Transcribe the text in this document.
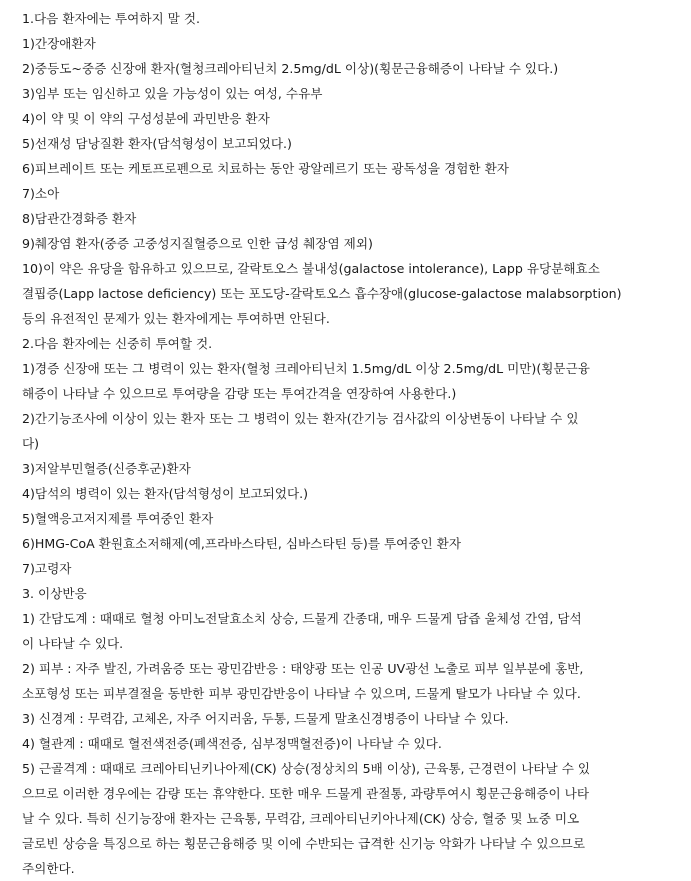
1.다음 환자에는 투여하지 말 것.
1)간장애환자
2)중등도~중증 신장애 환자(혈청크레아티닌치 2.5mg/dL 이상)(횡문근융해증이 나타날 수 있다.)
3)임부 또는 임신하고 있을 가능성이 있는 여성, 수유부
4)이 약 및 이 약의 구성성분에 과민반응 환자
5)선재성 담낭질환 환자(담석형성이 보고되었다.)
6)피브레이트 또는 케토프로펜으로 치료하는 동안 광알레르기 또는 광독성을 경험한 환자
7)소아
8)담관간경화증 환자
9)췌장염 환자(중증 고중성지질혈증으로 인한 급성 췌장염 제외)
10)이 약은 유당을 함유하고 있으므로, 갈락토오스 불내성(galactose intolerance), Lapp 유당분해효소
결핍증(Lapp lactose deficiency) 또는 포도당-갈락토오스 흡수장애(glucose-galactose malabsorption)
등의 유전적인 문제가 있는 환자에게는 투여하면 안된다.
2.다음 환자에는 신중히 투여할 것.
1)경증 신장애 또는 그 병력이 있는 환자(혈청 크레아티닌치 1.5mg/dL 이상 2.5mg/dL 미만)(횡문근융
해증이 나타날 수 있으므로 투여량을 감량 또는 투여간격을 연장하여 사용한다.)
2)간기능조사에 이상이 있는 환자 또는 그 병력이 있는 환자(간기능 검사값의 이상변동이 나타날 수 있
다)
3)저알부민혈증(신증후군)환자
4)담석의 병력이 있는 환자(담석형성이 보고되었다.)
5)혈액응고저지제를 투여중인 환자
6)HMG-CoA 환원효소저해제(예,프라바스타틴, 심바스타틴 등)를 투여중인 환자
7)고령자
3. 이상반응
1) 간담도계 : 때때로 혈청 아미노전달효소치 상승, 드물게 간종대, 매우 드물게 담즙 울체성 간염, 담석
이 나타날 수 있다.
2) 피부 : 자주 발진, 가려움증 또는 광민감반응 : 태양광 또는 인공 UV광선 노출로 피부 일부분에 홍반,
소포형성 또는 피부결절을 동반한 피부 광민감반응이 나타날 수 있으며, 드물게 탈모가 나타날 수 있다.
3) 신경계 : 무력감, 고체온, 자주 어지러움, 두통, 드물게 말초신경병증이 나타날 수 있다.
4) 혈관계 : 때때로 혈전색전증(폐색전증, 심부정맥혈전증)이 나타날 수 있다.
5) 근골격계 : 때때로 크레아티닌키나아제(CK) 상승(정상치의 5배 이상), 근육통, 근경련이 나타날 수 있
으므로 이러한 경우에는 감량 또는 휴약한다. 또한 매우 드물게 관절통, 과량투여시 횡문근융해증이 나타
날 수 있다. 특히 신기능장애 환자는 근육통, 무력감, 크레아티닌키아나제(CK) 상승, 혈중 및 뇨중 미오
글로빈 상승을 특징으로 하는 횡문근융해증 및 이에 수반되는 급격한 신기능 악화가 나타날 수 있으므로
주의한다.
